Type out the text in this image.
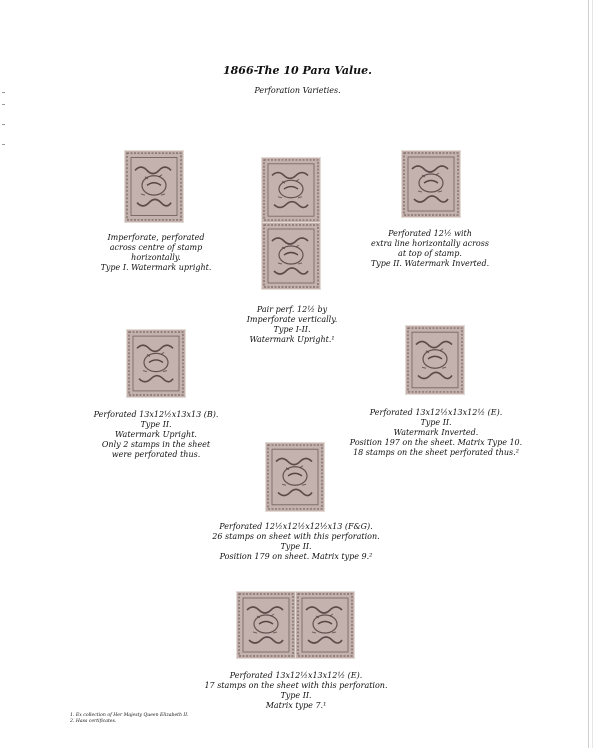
1866-The 10 Para Value.
Perforation Varieties.
Imperforate, perforated
across centre of stamp
horizontally.
Type I. Watermark upright.
Pair perf. 12½ by
Imperforate vertically.
Type I-II.
Watermark Upright.¹
Perforated 12½ with
extra line horizontally across
at top of stamp.
Type II. Watermark Inverted.
Perforated 13x12½x13x13 (B).
Type II.
Watermark Upright.
Only 2 stamps in the sheet
were perforated thus.
Perforated 13x12½x13x12½ (E).
Type II.
Watermark Inverted.
Position 197 on the sheet. Matrix Type 10.
18 stamps on the sheet perforated thus.²
Perforated 12½x12½x12½x13 (F&G).
26 stamps on sheet with this perforation.
Type II.
Position 179 on sheet. Matrix type 9.²
Perforated 13x12½x13x12½ (E).
17 stamps on the sheet with this perforation.
Type II.
Matrix type 7.¹
1. Ex collection of Her Majesty Queen Elizabeth II.
2. Hass certificates.
